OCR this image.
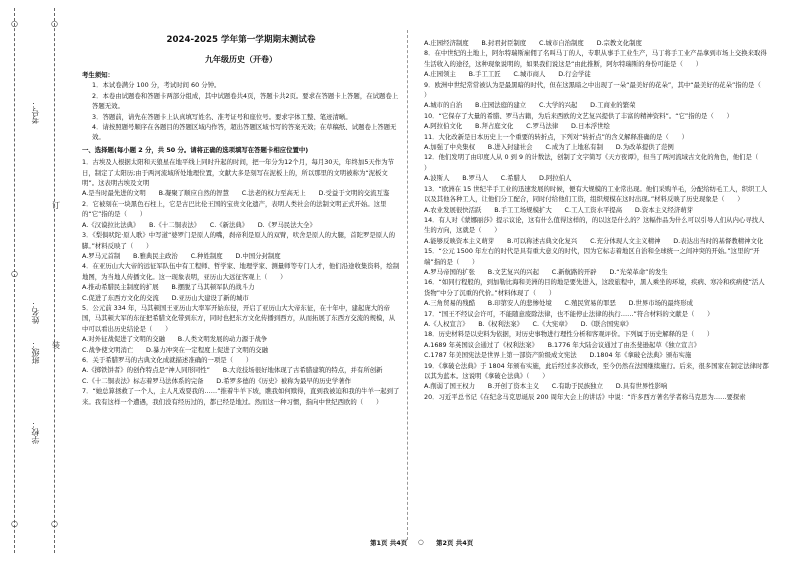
○
○
○
○
○
考号：
姓名：
班级：
学校：
订
装

2024-2025 学年第一学期期末测试卷

九年级历史（开卷）

考生须知：

1．本试卷满分 100 分，考试时间 60 分钟。

2．本卷由试题卷和答题卡两部分组成，其中试题卷共4页，答题卡共2页。要求在答题卡上答题，在试题卷上答题无效。

3．答题前，请先在答题卡上认真填写姓名、准考证号和座位号。要求字体工整、笔迹清晰。

4．请按照题号顺序在各题目的答题区域内作答，超出答题区域书写的答案无效；在草稿纸、试题卷上答题无效。

一、选择题(每小题 2 分，共 50 分。请将正确的选项填写在答题卡相应位置中)

1．古埃及人根据太阳和天狼星在地平线上同时升起的时间，把一年分为12个月，每月30天，年终加5天作为节日，制定了太阳历;由于两河流域所处地理位置，文献大多是刻写在泥板上的，所以那里的文明被称为“泥板文明”。这表明古埃及文明

A.是当时最先进的文明　　B.凝聚了顺应自然的智慧　　C.法老的权力至高无上　　D.受益于文明的交流互鉴

2．它被刻在一块黑色石柱上，它是古巴比伦王国的宝贵文化遗产，表明人类社会的法制文明正式开始。这里的“它”指的是（　　）

A.《汉谟拉比法典》　　B.《十二铜表法》　　C.《新法典》　　D.《罗马民法大全》

3．《梨俱吠陀·原人歌》中写道“婆罗门是原人的嘴，刹帝利是原人的双臂，吠舍是原人的大腿，首陀罗是原人的脚。”材料反映了（　　）

A.罗马元首制　　B.雅典民主政治　　C.种姓制度　　D.中国分封制度

4．在亚历山大大帝的远征军队伍中有工程师、哲学家、地理学家、测量师等专门人才，他们沿途收集资料，绘制地图，为当地人传播文化。这一现象表明，亚历山大远征客观上（　　）

A.推动希腊民主制度的扩展　　B.摆脱了马其顿军队的战斗力

C.促进了东西方文化的交流　　D.亚历山大建设了新的城市

5．公元前 334 年，马其顿国王亚历山大率军开始东侵，开启了亚历山大大帝东征，在十年中，建起庞大的帝国，马其顿大军的东征把希腊文化带到东方，同时也把东方文化传播到西方，从而拓展了东西方交流的规模，从中可以看出历史结论是（　　）

A.对外征战促进了文明的交融　　B.人类文明发展的动力源于战争

C.战争使文明消亡　　D.暴力冲突在一定程度上促进了文明的交融

6．关于希腊罗马的古典文化成就描述准确的一项是（　　）

A.《掷铁饼者》的创作特点是“神人同形同性”　　B.大竞技场很好地体现了古希腊建筑的特点，并有所创新

C.《十二铜表法》标志着罗马法体系的完备　　D.希罗多德的《历史》被称为最早的历史学著作

7．“她总算拯救了一个人，主人凡戏耍我的……”推着牛羊下坡，瞧我如何赎得，直到我被迫和我的牛羊一起到了来。我有这样一个遭遇，我们没有经历过的，都已经是地过。然而这一种习惯，指向中世纪西欧的（　　）

A.庄园经济制度　　B.封君封臣制度　　C.城市自治制度　　D.宗教文化制度

8．在中世纪的土地上，阿尔特瑞斯雇佣了名叫马丁的人，专职从事手工业生产，马丁将手工业产品拿到市场上交换来取得生活收入的途径，这种现象说明的，如果我们说这是“由此推断，阿尔特瑞斯的身份可能是（　　）

A.庄园领主　　B.手工工匠　　C.城市商人　　D.行会学徒

9．欧洲中世纪常常被认为是最黑暗的时代，但在这黑暗之中出现了一朵“最美好的花朵”，其中“最美好的花朵”指的是（　　）

A.城市的自治　　B.庄园法庭的建立　　C.大学的兴起　　D.工商业的繁荣

10．“它保存了大量的希腊、罗马古籍，为后来西欧的文艺复兴提供了丰富的精神资料”。“它”指的是（　　）

A.阿拉伯文化　　B.拜占庭文化　　C.罗马法律　　D.日本浮世绘

11．大化改新是日本历史上一个重要的转折点，下列对“转折点”的含义解释准确的是（　　）

A.加强了中央集权　　B.进入封建社会　　C.成为了上地私有制　　D.为改革提供了范例

12．他们发明了由印度人从 0 到 9 的计数法，创制了文字简写《天方夜谭》，但当了两河流域古文化的角色，他们是（　　）

A.波斯人　　B.罗马人　　C.希腊人　　D.阿拉伯人

13．“欧洲在 15 世纪半手工业的迅速发展的时候，便有大规模的工业常出现。他们采购羊毛，分配给纺毛工人，织织工人以及其他各种工人，让他们分工配合，同时付给他们工资，组织规模在这时出现。”材料反映了历史现象是（　　）

A.农业发展很快活跃　　B.手工工场规模扩大　　C.工人工资水平提高　　D.资本主义经济萌芽

14．有人对《蒙娜丽莎》提示议论，这有什么值得这样的，的以这是什么的？这幅作品为什么可以引导人们从内心寻找人生的方向，这就是（　　）

A.能够反映资本主义萌芽　　B.可以称述古典文化复兴　　C.充分体现人文主义精神　　D.表达出当时的基督教精神文化

15．“公元 1500 年左右的时代是具有重大意义的时代，因为它标志着地区自治和全球统一之间冲突的开始。”这里的“开端”指的是（　　）

A.罗马帝国的扩张　　B.文艺复兴的兴起　　C.新航路的开辟　　D.“光荣革命”的发生

16．“如同行程般的，到加勒比海和美洲的目的地是要先进入，这段旅程中，黑人乘坐的环境，疾病、寒冷和疾病使“活人货物”中分了沉重的代价。”材料体现了（　　）

A.三角贸易的残酷　　B.印第安人的悲惨处境　　C.殖民贸易的罪恶　　D.世界市场的最终形成

17．“国王不经议会许可，不能随意废除法律，也不能停止法律的执行……”符合材料的文献是（　　）

A.《人权宣言》　　B.《权利法案》　　C.《大宪章》　　D.《联合国宪章》

18．历史材料是以史料为依据，对历史事物进行理性分析和客观评价。下列属于历史解释的是（　　）

A.1689 年英国议会通过了《权利法案》　　B.1776 年大陆会议通过了由杰斐逊起草《独立宣言》

C.1787 年美国宪法是世界上第一部资产阶级成文宪法　　D.1804 年《拿破仑法典》颁布实施

19．《拿破仑法典》于 1804 年颁布实施，此后经过多次修改，至今仍然在法国继续施行。后来，很多国家在制定法律时都以其为蓝本。这说明《拿破仑法典》（　　）

A.削弱了国王权力　　B.开创了资本主义　　C.有助于民族独立　　D.具有世界性影响

20．习近平总书记《在纪念马克思诞辰 200 周年大会上的讲话》中说：“许多西方著名学者称马克思为……要探索

第1页 共4页 ○ 第2页 共4页
